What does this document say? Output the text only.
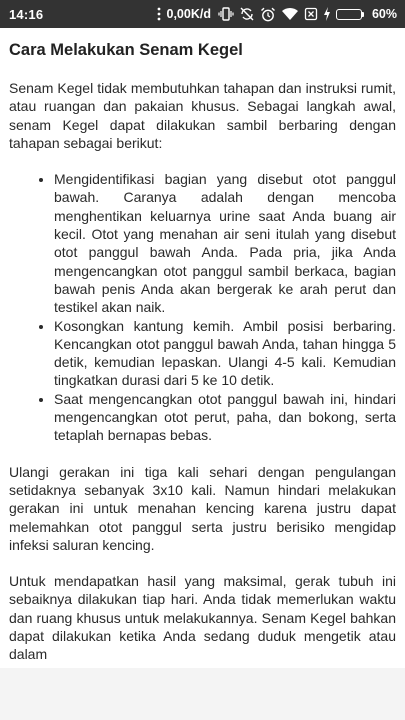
14:16	0,00K/d	60%
Cara Melakukan Senam Kegel

Senam Kegel tidak membutuhkan tahapan dan instruksi rumit, atau ruangan dan pakaian khusus. Sebagai langkah awal, senam Kegel dapat dilakukan sambil berbaring dengan tahapan sebagai berikut:

• Mengidentifikasi bagian yang disebut otot panggul bawah. Caranya adalah dengan mencoba menghentikan keluarnya urine saat Anda buang air kecil. Otot yang menahan air seni itulah yang disebut otot panggul bawah Anda. Pada pria, jika Anda mengencangkan otot panggul sambil berkaca, bagian bawah penis Anda akan bergerak ke arah perut dan testikel akan naik.
• Kosongkan kantung kemih. Ambil posisi berbaring. Kencangkan otot panggul bawah Anda, tahan hingga 5 detik, kemudian lepaskan. Ulangi 4-5 kali. Kemudian tingkatkan durasi dari 5 ke 10 detik.
• Saat mengencangkan otot panggul bawah ini, hindari mengencangkan otot perut, paha, dan bokong, serta tetaplah bernapas bebas.

Ulangi gerakan ini tiga kali sehari dengan pengulangan setidaknya sebanyak 3x10 kali. Namun hindari melakukan gerakan ini untuk menahan kencing karena justru dapat melemahkan otot panggul serta justru berisiko mengidap infeksi saluran kencing.

Untuk mendapatkan hasil yang maksimal, gerak tubuh ini sebaiknya dilakukan tiap hari. Anda tidak memerlukan waktu dan ruang khusus untuk melakukannya. Senam Kegel bahkan dapat dilakukan ketika Anda sedang duduk mengetik atau dalam
